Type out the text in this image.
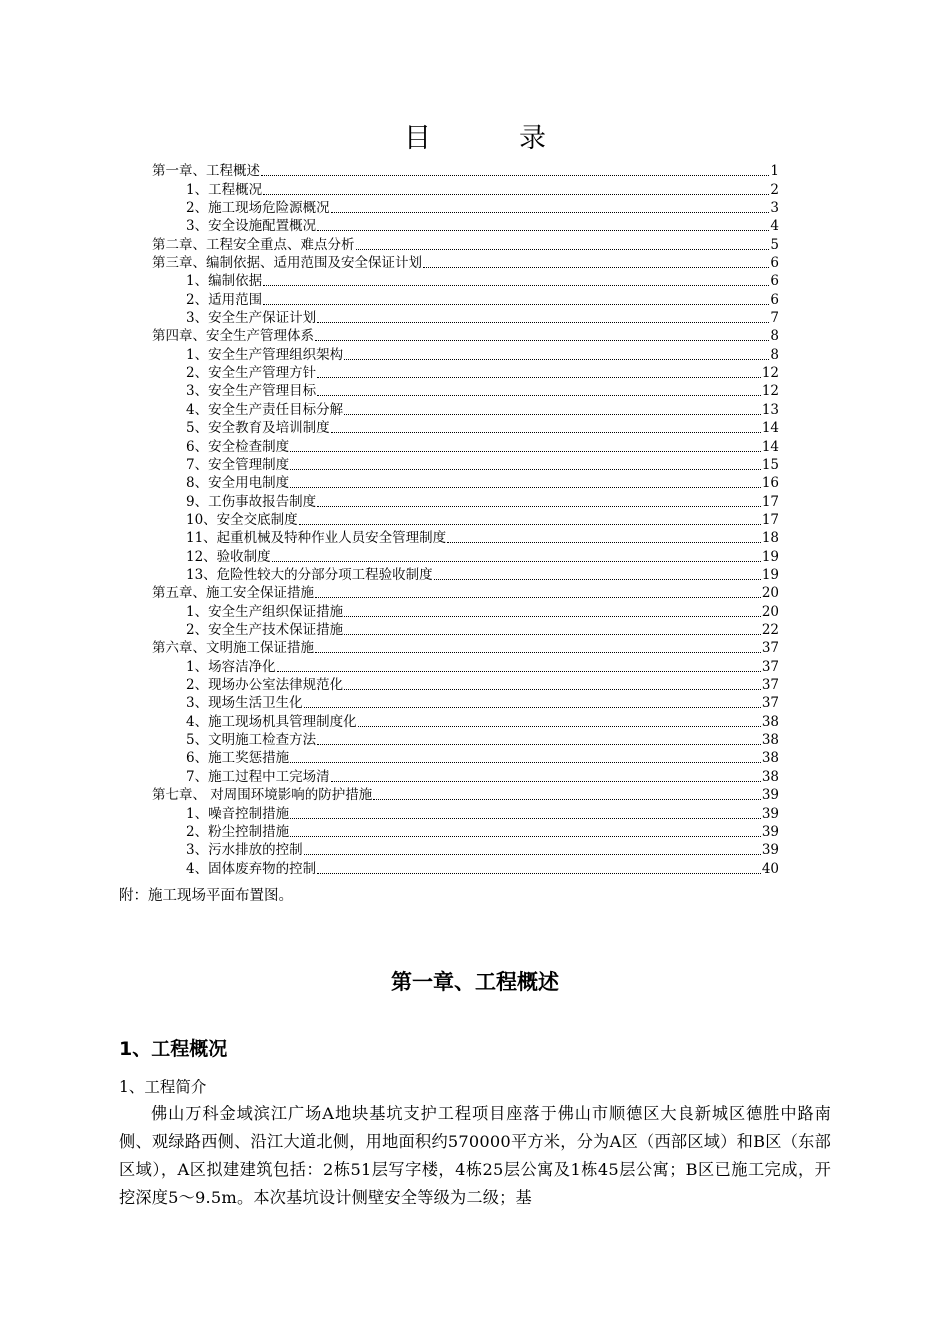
目	录
第一章、工程概述	1
1、工程概况	2
2、施工现场危险源概况	3
3、安全设施配置概况	4
第二章、工程安全重点、难点分析	5
第三章、编制依据、适用范围及安全保证计划	6
1、编制依据	6
2、适用范围	6
3、安全生产保证计划	7
第四章、安全生产管理体系	8
1、安全生产管理组织架构	8
2、安全生产管理方针	12
3、安全生产管理目标	12
4、安全生产责任目标分解	13
5、安全教育及培训制度	14
6、安全检查制度	14
7、安全管理制度	15
8、安全用电制度	16
9、工伤事故报告制度	17
10、安全交底制度	17
11、起重机械及特种作业人员安全管理制度	18
12、验收制度	19
13、危险性较大的分部分项工程验收制度	19
第五章、施工安全保证措施	20
1、安全生产组织保证措施	20
2、安全生产技术保证措施	22
第六章、文明施工保证措施	37
1、场容洁净化	37
2、现场办公室法律规范化	37
3、现场生活卫生化	37
4、施工现场机具管理制度化	38
5、文明施工检查方法	38
6、施工奖惩措施	38
7、施工过程中工完场清	38
第七章、 对周围环境影响的防护措施	39
1、噪音控制措施	39
2、粉尘控制措施	39
3、污水排放的控制	39
4、固体废弃物的控制	40
附：施工现场平面布置图。
第一章、工程概述
1、工程概况
1、工程简介
佛山万科金域滨江广场A地块基坑支护工程项目座落于佛山市顺德区大良新城区德胜中路南侧、观绿路西侧、沿江大道北侧，用地面积约570000平方米，分为A区（西部区域）和B区（东部区域），A区拟建建筑包括：2栋51层写字楼，4栋25层公寓及1栋45层公寓；B区已施工完成，开挖深度5～9.5m。本次基坑设计侧壁安全等级为二级；基
